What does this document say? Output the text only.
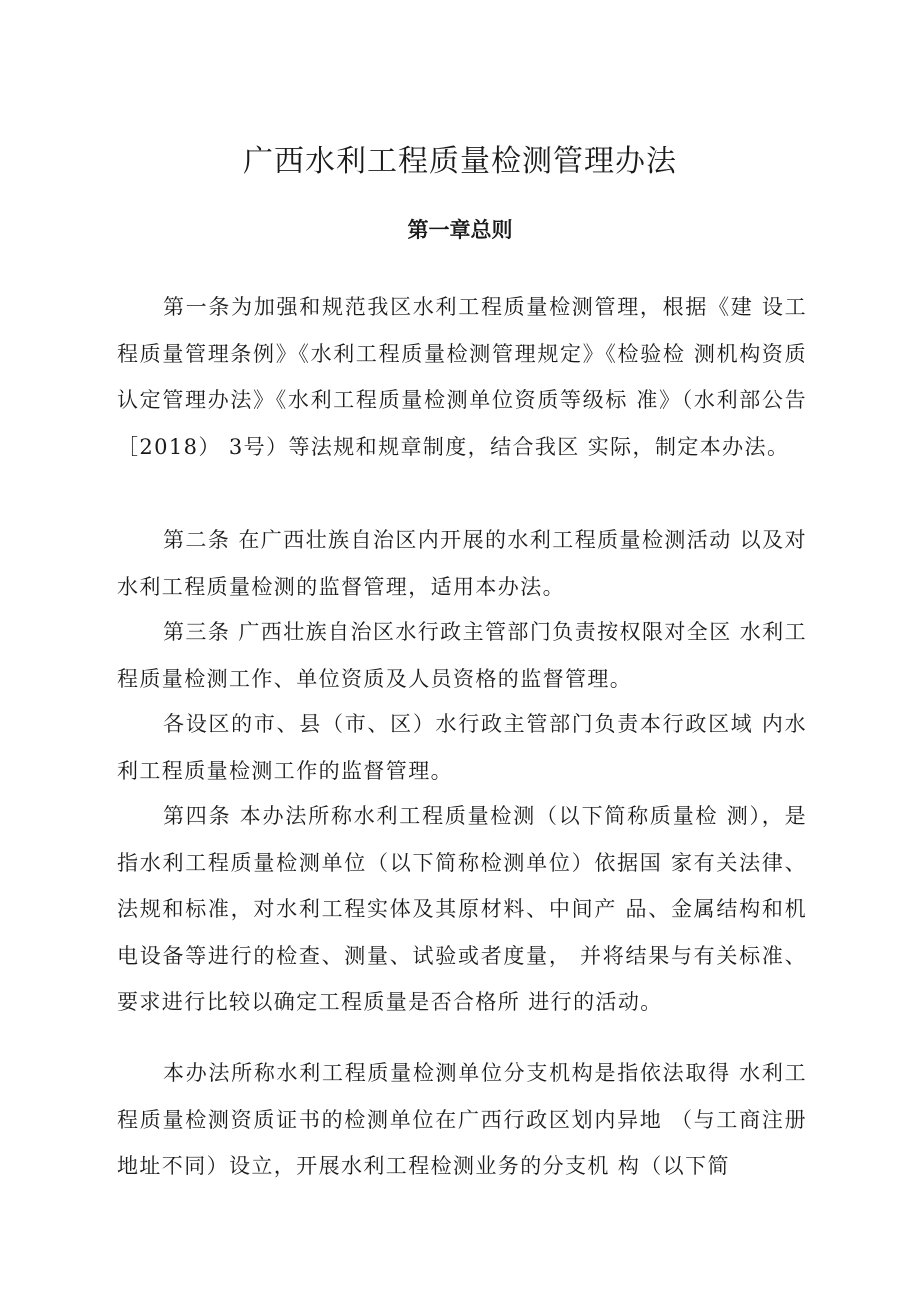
广西水利工程质量检测管理办法
第一章总则

第一条为加强和规范我区水利工程质量检测管理，根据《建 设工程质量管理条例》《水利工程质量检测管理规定》《检验检 测机构资质认定管理办法》《水利工程质量检测单位资质等级标 准》（水利部公告［2018） 3号）等法规和规章制度，结合我区 实际，制定本办法。

第二条 在广西壮族自治区内开展的水利工程质量检测活动 以及对水利工程质量检测的监督管理，适用本办法。

第三条 广西壮族自治区水行政主管部门负责按权限对全区 水利工程质量检测工作、单位资质及人员资格的监督管理。

各设区的市、县（市、区）水行政主管部门负责本行政区域 内水利工程质量检测工作的监督管理。

第四条 本办法所称水利工程质量检测（以下简称质量检 测），是指水利工程质量检测单位（以下简称检测单位）依据国 家有关法律、法规和标准，对水利工程实体及其原材料、中间产 品、金属结构和机电设备等进行的检查、测量、试验或者度量， 并将结果与有关标准、要求进行比较以确定工程质量是否合格所 进行的活动。

本办法所称水利工程质量检测单位分支机构是指依法取得 水利工程质量检测资质证书的检测单位在广西行政区划内异地 （与工商注册地址不同）设立，开展水利工程检测业务的分支机 构（以下简
